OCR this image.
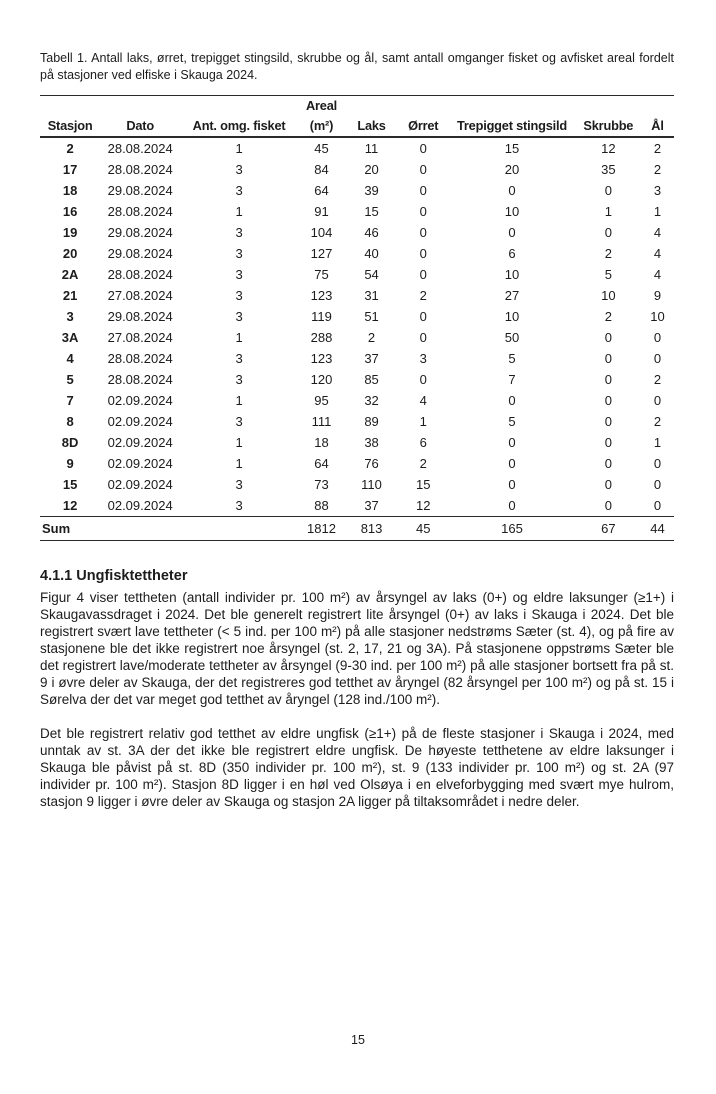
Tabell 1. Antall laks, ørret, trepigget stingsild, skrubbe og ål, samt antall omganger fisket og avfisket areal fordelt på stasjoner ved elfiske i Skauga 2024.

			Areal					
Stasjon	Dato	Ant. omg. fisket	(m²)	Laks	Ørret	Trepigget stingsild	Skrubbe	Ål
2	28.08.2024	1	45	11	0	15	12	2
17	28.08.2024	3	84	20	0	20	35	2
18	29.08.2024	3	64	39	0	0	0	3
16	28.08.2024	1	91	15	0	10	1	1
19	29.08.2024	3	104	46	0	0	0	4
20	29.08.2024	3	127	40	0	6	2	4
2A	28.08.2024	3	75	54	0	10	5	4
21	27.08.2024	3	123	31	2	27	10	9
3	29.08.2024	3	119	51	0	10	2	10
3A	27.08.2024	1	288	2	0	50	0	0
4	28.08.2024	3	123	37	3	5	0	0
5	28.08.2024	3	120	85	0	7	0	2
7	02.09.2024	1	95	32	4	0	0	0
8	02.09.2024	3	111	89	1	5	0	2
8D	02.09.2024	1	18	38	6	0	0	1
9	02.09.2024	1	64	76	2	0	0	0
15	02.09.2024	3	73	110	15	0	0	0
12	02.09.2024	3	88	37	12	0	0	0
Sum			1812	813	45	165	67	44
4.1.1 Ungfisktettheter

Figur 4 viser tettheten (antall individer pr. 100 m²) av årsyngel av laks (0+) og eldre laksunger (≥1+) i Skaugavassdraget i 2024. Det ble generelt registrert lite årsyngel (0+) av laks i Skauga i 2024. Det ble registrert svært lave tettheter (< 5 ind. per 100 m²) på alle stasjoner nedstrøms Sæter (st. 4), og på fire av stasjonene ble det ikke registrert noe årsyngel (st. 2, 17, 21 og 3A). På stasjonene oppstrøms Sæter ble det registrert lave/moderate tettheter av årsyngel (9-30 ind. per 100 m²) på alle stasjoner bortsett fra på st. 9 i øvre deler av Skauga, der det registreres god tetthet av åryngel (82 årsyngel per 100 m²) og på st. 15 i Sørelva der det var meget god tetthet av åryngel (128 ind./100 m²).

Det ble registrert relativ god tetthet av eldre ungfisk (≥1+) på de fleste stasjoner i Skauga i 2024, med unntak av st. 3A der det ikke ble registrert eldre ungfisk. De høyeste tetthetene av eldre laksunger i Skauga ble påvist på st. 8D (350 individer pr. 100 m²), st. 9 (133 individer pr. 100 m²) og st. 2A (97 individer pr. 100 m²). Stasjon 8D ligger i en høl ved Olsøya i en elveforbygging med svært mye hulrom, stasjon 9 ligger i øvre deler av Skauga og stasjon 2A ligger på tiltaksområdet i nedre deler.

15
